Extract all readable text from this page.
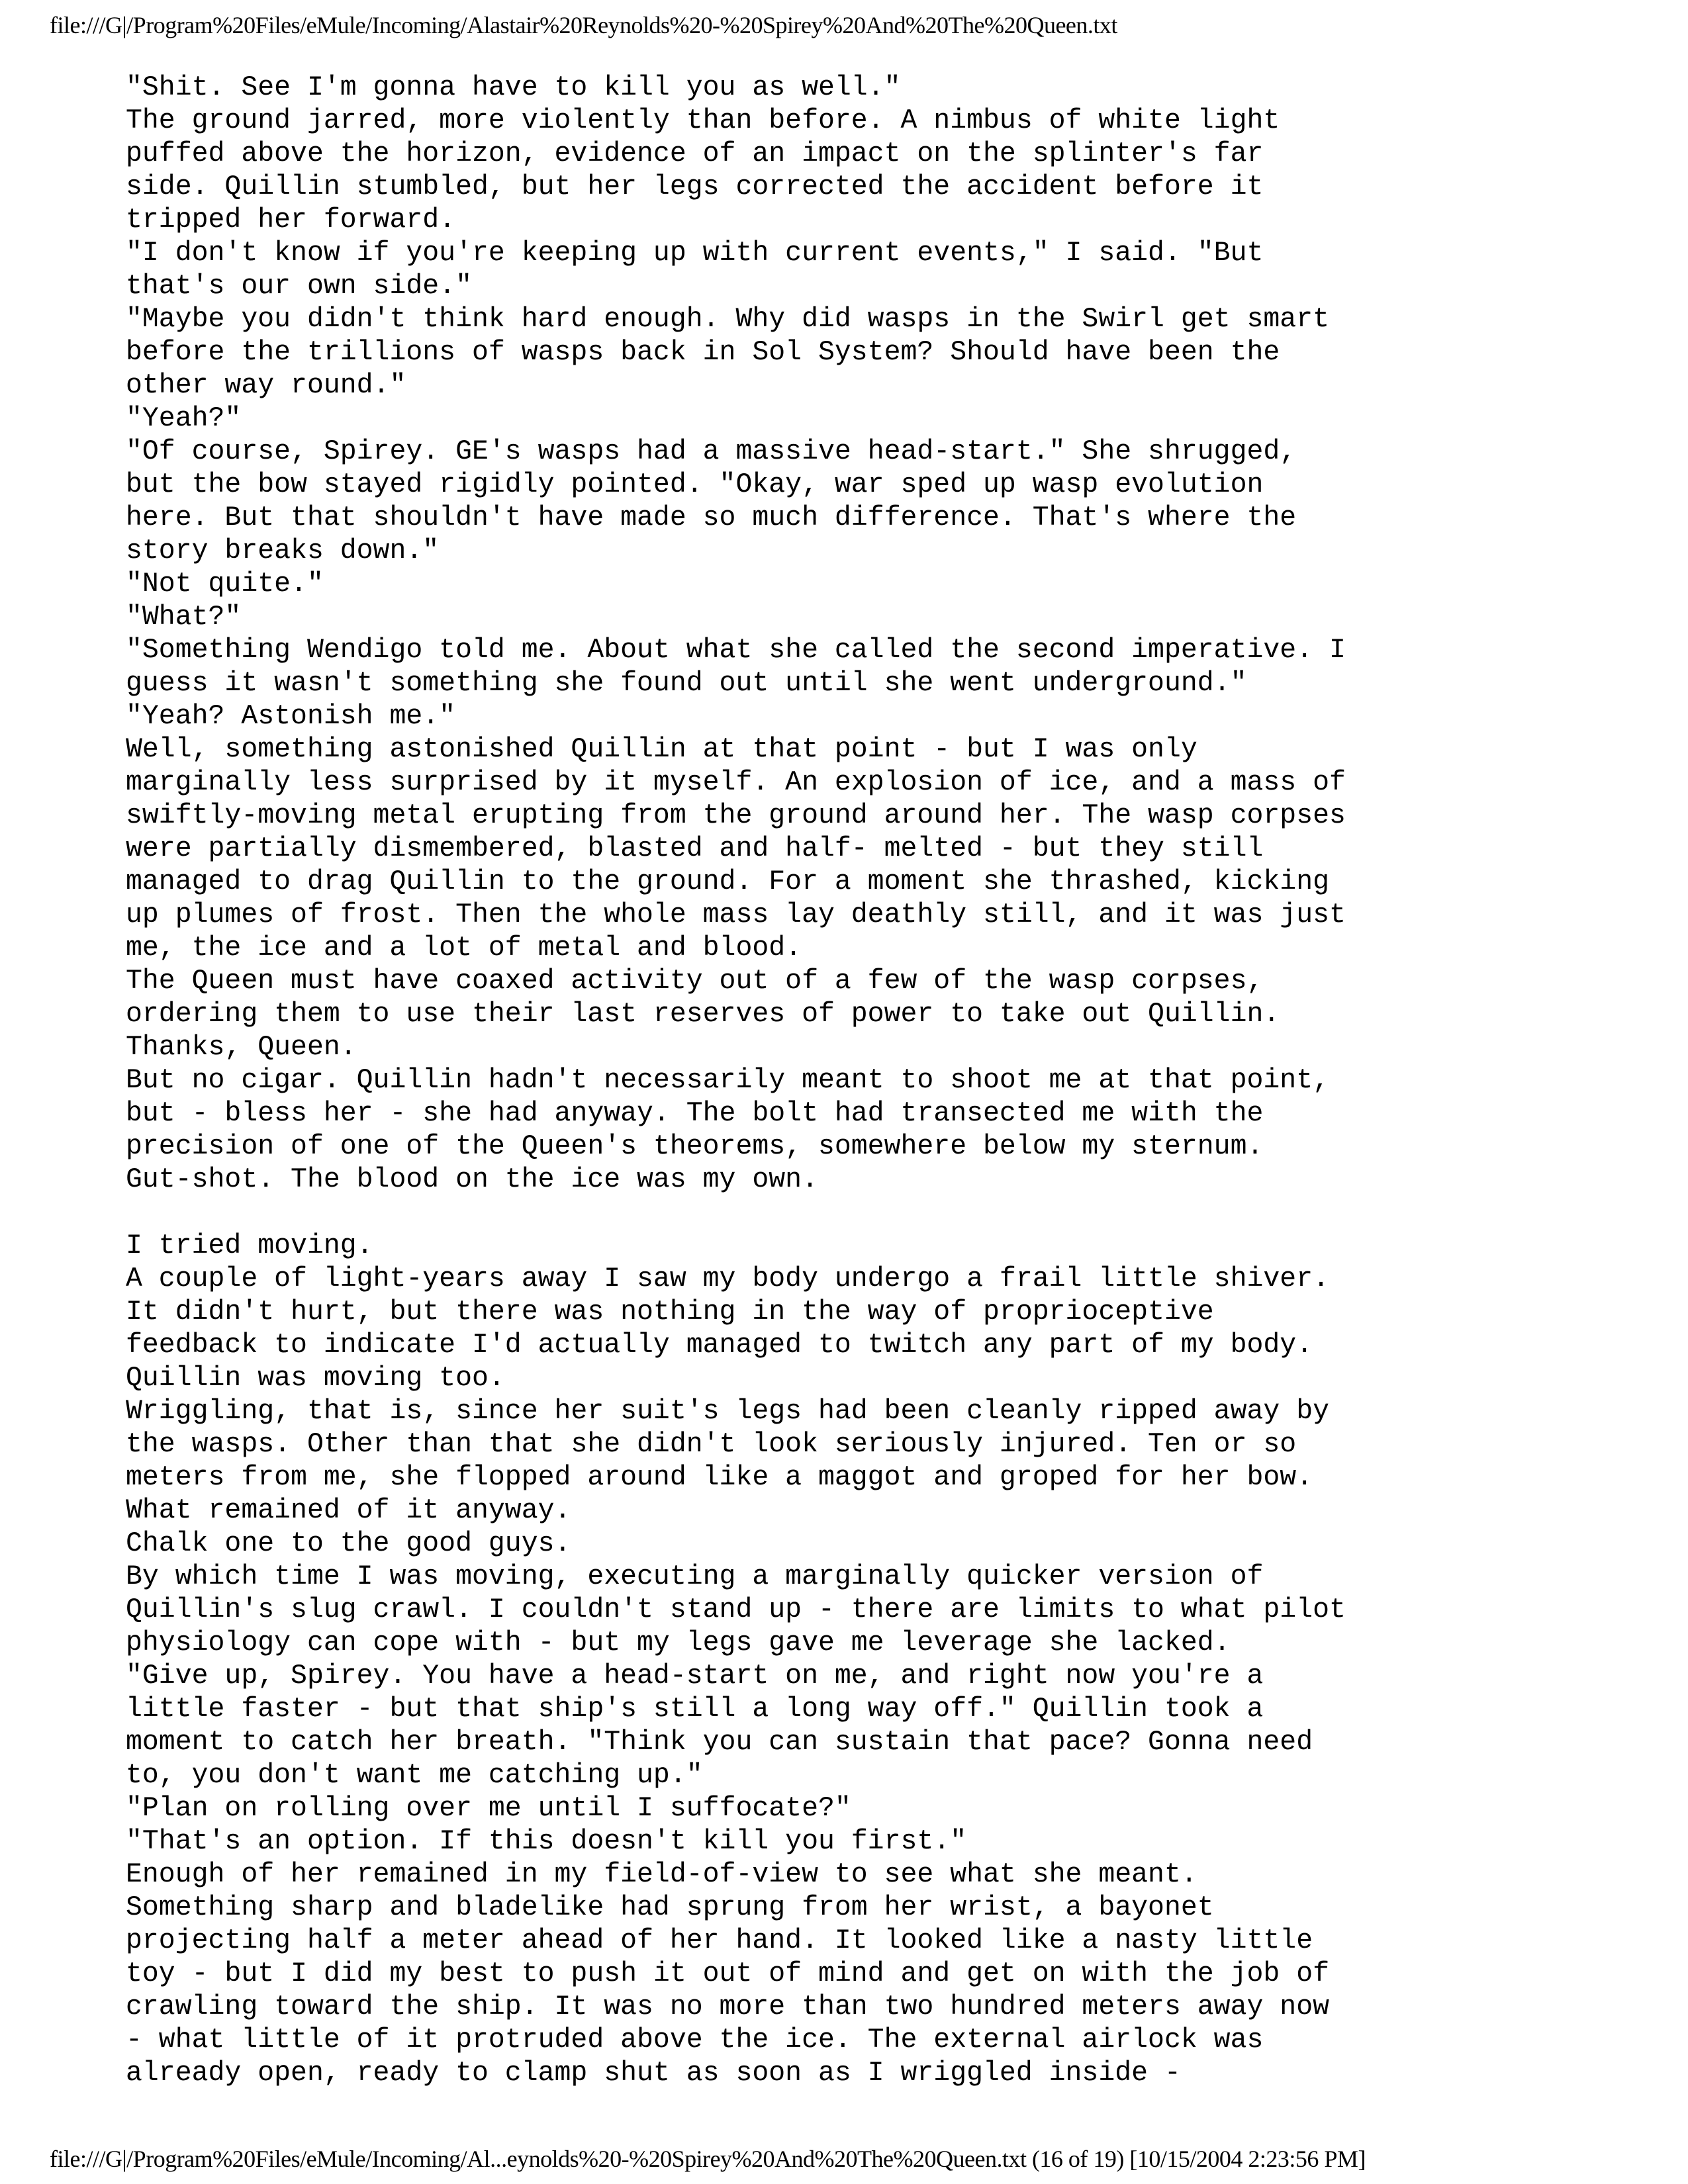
file:///G|/Program%20Files/eMule/Incoming/Alastair%20Reynolds%20-%20Spirey%20And%20The%20Queen.txt
"Shit. See I'm gonna have to kill you as well."
The ground jarred, more violently than before. A nimbus of white light
puffed above the horizon, evidence of an impact on the splinter's far
side. Quillin stumbled, but her legs corrected the accident before it
tripped her forward.
"I don't know if you're keeping up with current events," I said. "But
that's our own side."
"Maybe you didn't think hard enough. Why did wasps in the Swirl get smart
before the trillions of wasps back in Sol System? Should have been the
other way round."
"Yeah?"
"Of course, Spirey. GE's wasps had a massive head-start." She shrugged,
but the bow stayed rigidly pointed. "Okay, war sped up wasp evolution
here. But that shouldn't have made so much difference. That's where the
story breaks down."
"Not quite."
"What?"
"Something Wendigo told me. About what she called the second imperative. I
guess it wasn't something she found out until she went underground."
"Yeah? Astonish me."
Well, something astonished Quillin at that point - but I was only
marginally less surprised by it myself. An explosion of ice, and a mass of
swiftly-moving metal erupting from the ground around her. The wasp corpses
were partially dismembered, blasted and half- melted - but they still
managed to drag Quillin to the ground. For a moment she thrashed, kicking
up plumes of frost. Then the whole mass lay deathly still, and it was just
me, the ice and a lot of metal and blood.
The Queen must have coaxed activity out of a few of the wasp corpses,
ordering them to use their last reserves of power to take out Quillin.
Thanks, Queen.
But no cigar. Quillin hadn't necessarily meant to shoot me at that point,
but - bless her - she had anyway. The bolt had transected me with the
precision of one of the Queen's theorems, somewhere below my sternum.
Gut-shot. The blood on the ice was my own.
I tried moving.
A couple of light-years away I saw my body undergo a frail little shiver.
It didn't hurt, but there was nothing in the way of proprioceptive
feedback to indicate I'd actually managed to twitch any part of my body.
Quillin was moving too.
Wriggling, that is, since her suit's legs had been cleanly ripped away by
the wasps. Other than that she didn't look seriously injured. Ten or so
meters from me, she flopped around like a maggot and groped for her bow.
What remained of it anyway.
Chalk one to the good guys.
By which time I was moving, executing a marginally quicker version of
Quillin's slug crawl. I couldn't stand up - there are limits to what pilot
physiology can cope with - but my legs gave me leverage she lacked.
"Give up, Spirey. You have a head-start on me, and right now you're a
little faster - but that ship's still a long way off." Quillin took a
moment to catch her breath. "Think you can sustain that pace? Gonna need
to, you don't want me catching up."
"Plan on rolling over me until I suffocate?"
"That's an option. If this doesn't kill you first."
Enough of her remained in my field-of-view to see what she meant.
Something sharp and bladelike had sprung from her wrist, a bayonet
projecting half a meter ahead of her hand. It looked like a nasty little
toy - but I did my best to push it out of mind and get on with the job of
crawling toward the ship. It was no more than two hundred meters away now
- what little of it protruded above the ice. The external airlock was
already open, ready to clamp shut as soon as I wriggled inside -
file:///G|/Program%20Files/eMule/Incoming/Al...eynolds%20-%20Spirey%20And%20The%20Queen.txt (16 of 19) [10/15/2004 2:23:56 PM]
